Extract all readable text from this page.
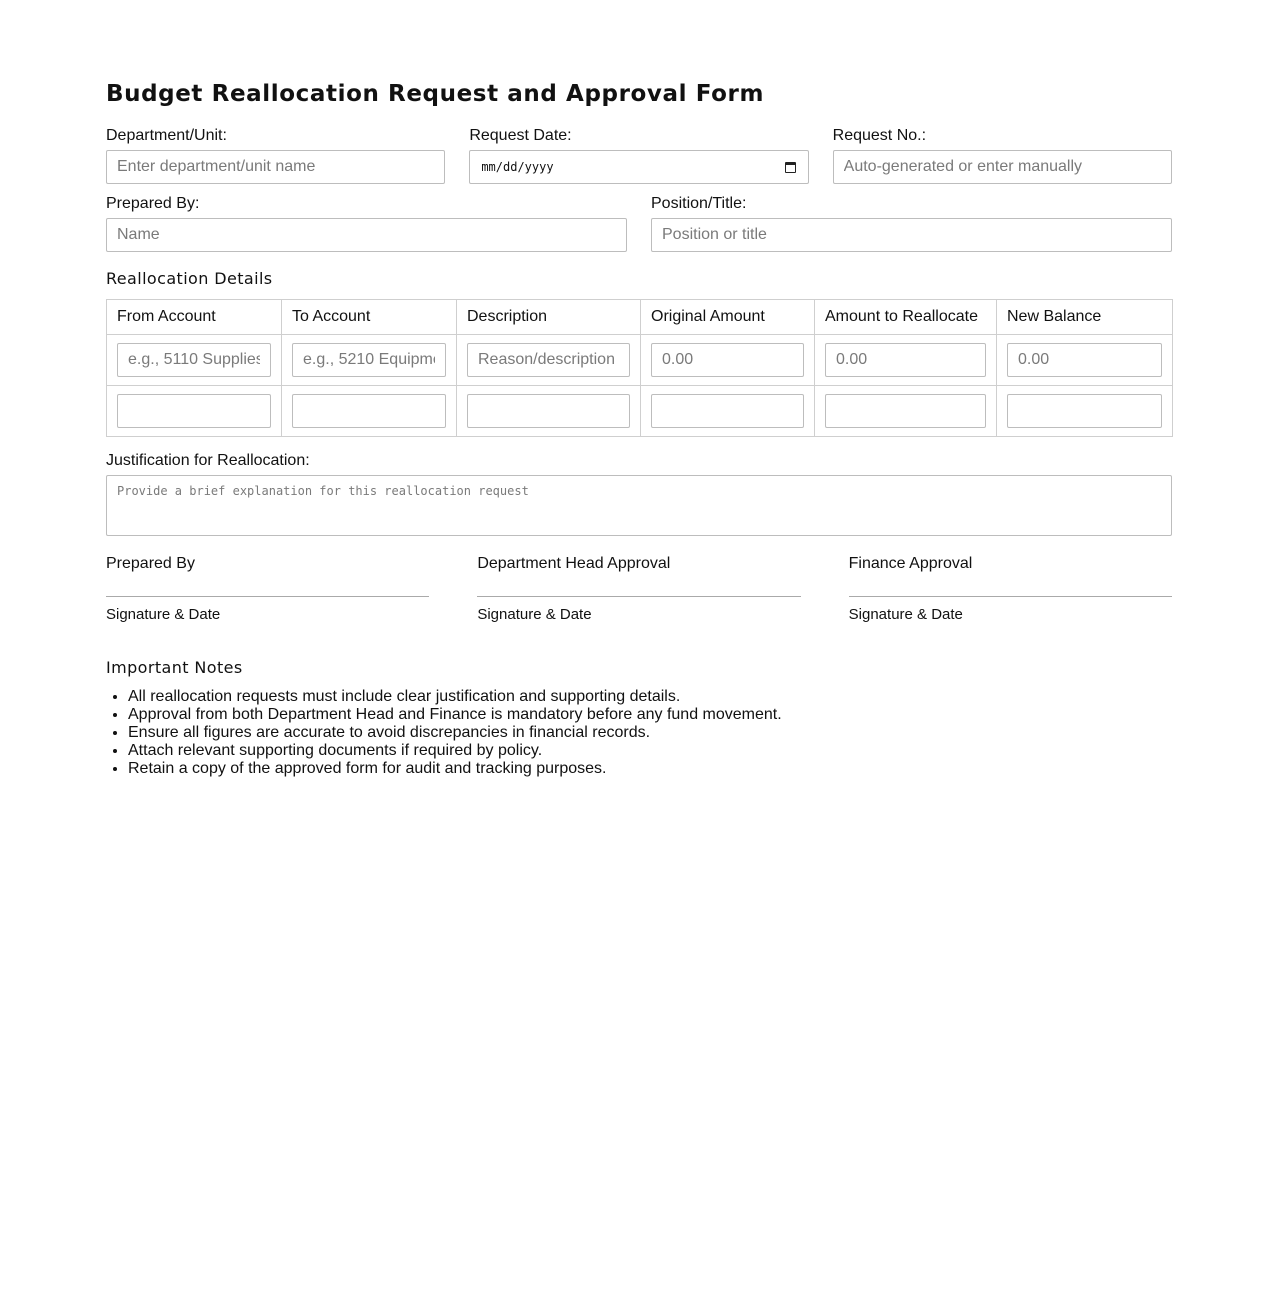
Budget Reallocation Request and Approval Form
Department/Unit:
Enter department/unit name	Request Date:
mm/dd/yyyy
Request No.:
Auto-generated or enter manually
Prepared By:
Name	Position/Title:
Position or title
Reallocation Details
From Account	To Account	Description	Original Amount	Amount to Reallocate	New Balance
e.g., 5110 Supplies	e.g., 5210 Equipment	Reason/description	0.00	0.00	0.00

Justification for Reallocation:
Provide a brief explanation for this reallocation request
Prepared By
Signature & Date
Department Head Approval
Signature & Date
Finance Approval
Signature & Date
Important Notes
• All reallocation requests must include clear justification and supporting details.
• Approval from both Department Head and Finance is mandatory before any fund movement.
• Ensure all figures are accurate to avoid discrepancies in financial records.
• Attach relevant supporting documents if required by policy.
• Retain a copy of the approved form for audit and tracking purposes.
